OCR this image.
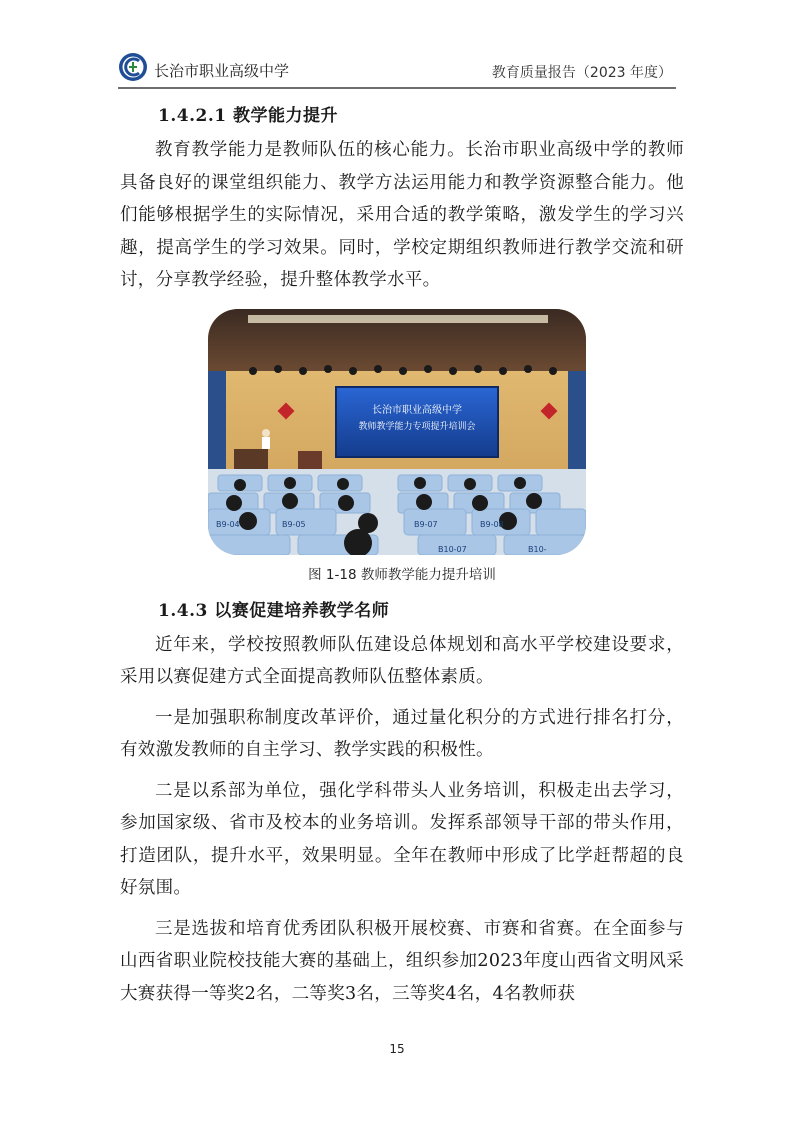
长治市职业高级中学	教育质量报告（2023 年度）
1.4.2.1 教学能力提升

教育教学能力是教师队伍的核心能力。长治市职业高级中学的教师具备良好的课堂组织能力、教学方法运用能力和教学资源整合能力。他们能够根据学生的实际情况，采用合适的教学策略，激发学生的学习兴趣，提高学生的学习效果。同时，学校定期组织教师进行教学交流和研讨，分享教学经验，提升整体教学水平。

长治市职业高级中学
教师教学能力专项提升培训会
B9-04	B9-05	B9-07	B9-08
B10-07	B10-
图 1-18 教师教学能力提升培训
1.4.3 以赛促建培养教学名师

近年来，学校按照教师队伍建设总体规划和高水平学校建设要求，采用以赛促建方式全面提高教师队伍整体素质。

一是加强职称制度改革评价，通过量化积分的方式进行排名打分，有效激发教师的自主学习、教学实践的积极性。

二是以系部为单位，强化学科带头人业务培训，积极走出去学习，参加国家级、省市及校本的业务培训。发挥系部领导干部的带头作用，打造团队，提升水平，效果明显。全年在教师中形成了比学赶帮超的良好氛围。

三是选拔和培育优秀团队积极开展校赛、市赛和省赛。在全面参与山西省职业院校技能大赛的基础上，组织参加2023年度山西省文明风采大赛获得一等奖2名，二等奖3名，三等奖4名，4名教师获

15
